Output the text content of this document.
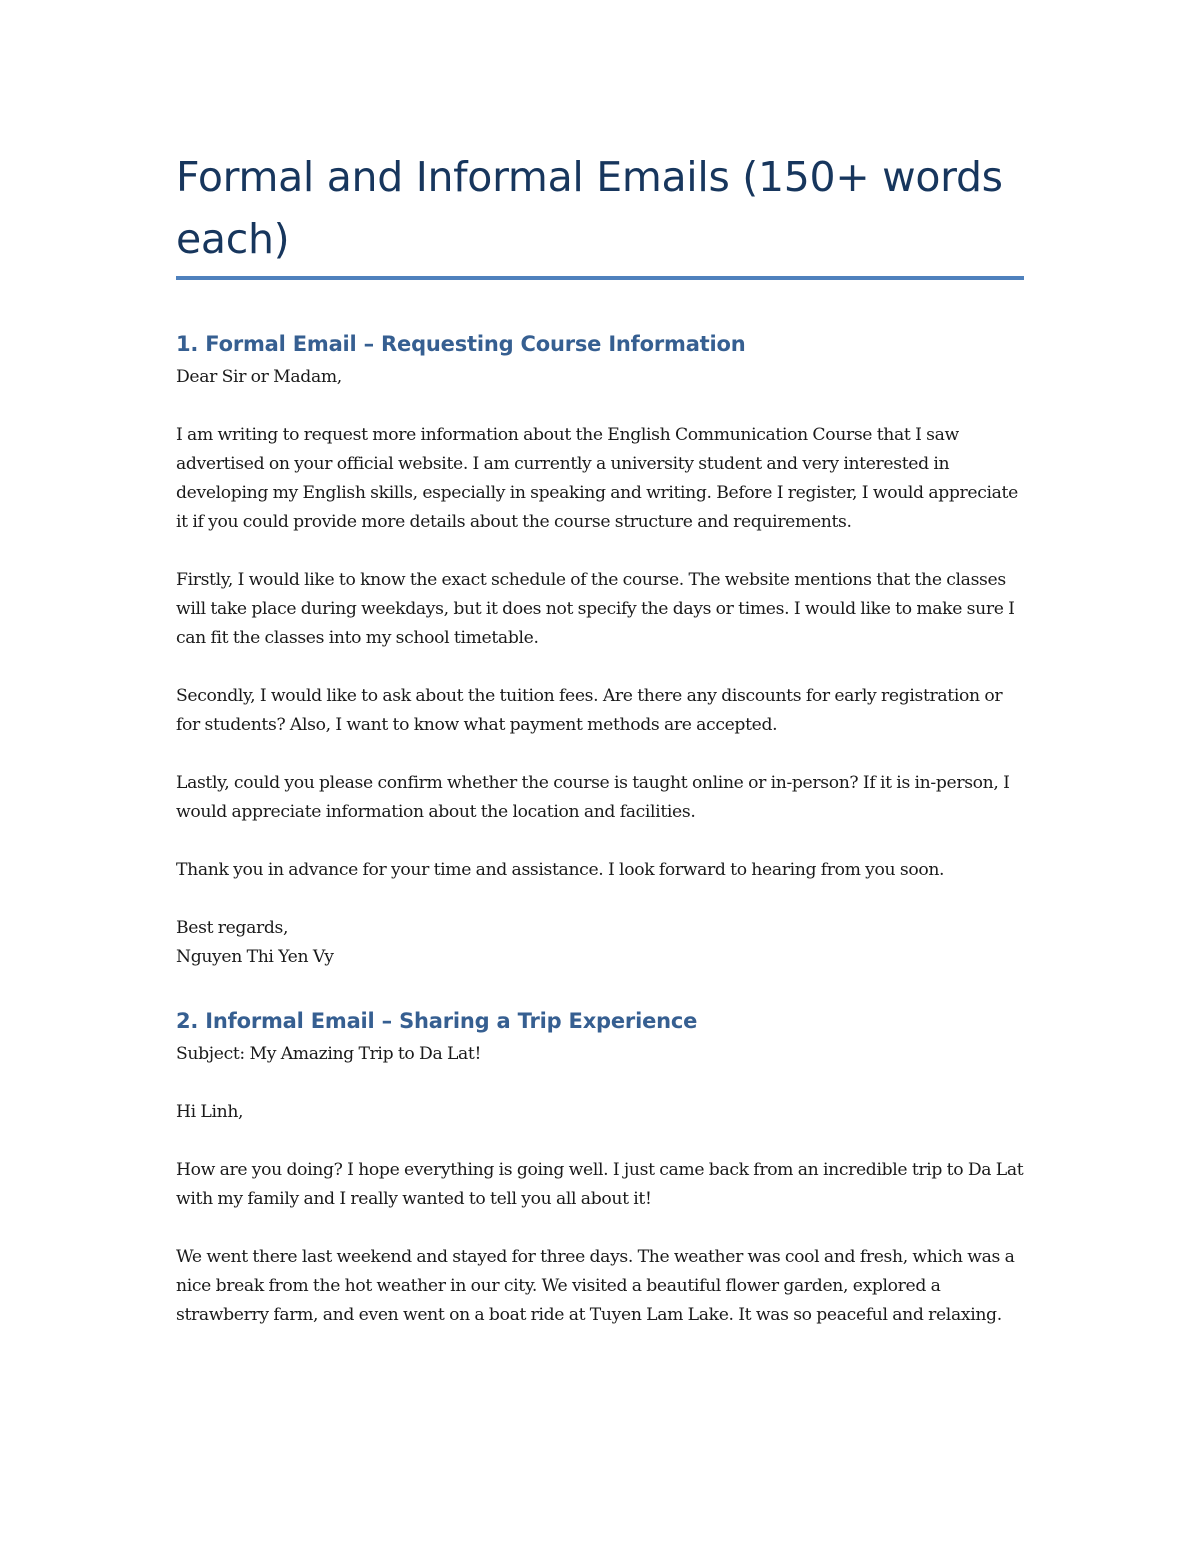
Formal and Informal Emails (150+ words each)
1. Formal Email – Requesting Course Information

Dear Sir or Madam,

I am writing to request more information about the English Communication Course that I saw advertised on your official website. I am currently a university student and very interested in developing my English skills, especially in speaking and writing. Before I register, I would appreciate it if you could provide more details about the course structure and requirements.

Firstly, I would like to know the exact schedule of the course. The website mentions that the classes will take place during weekdays, but it does not specify the days or times. I would like to make sure I can fit the classes into my school timetable.

Secondly, I would like to ask about the tuition fees. Are there any discounts for early registration or for students? Also, I want to know what payment methods are accepted.

Lastly, could you please confirm whether the course is taught online or in-person? If it is in-person, I would appreciate information about the location and facilities.

Thank you in advance for your time and assistance. I look forward to hearing from you soon.

Best regards,

Nguyen Thi Yen Vy

2. Informal Email – Sharing a Trip Experience

Subject: My Amazing Trip to Da Lat!

Hi Linh,

How are you doing? I hope everything is going well. I just came back from an incredible trip to Da Lat with my family and I really wanted to tell you all about it!

We went there last weekend and stayed for three days. The weather was cool and fresh, which was a nice break from the hot weather in our city. We visited a beautiful flower garden, explored a strawberry farm, and even went on a boat ride at Tuyen Lam Lake. It was so peaceful and relaxing.
